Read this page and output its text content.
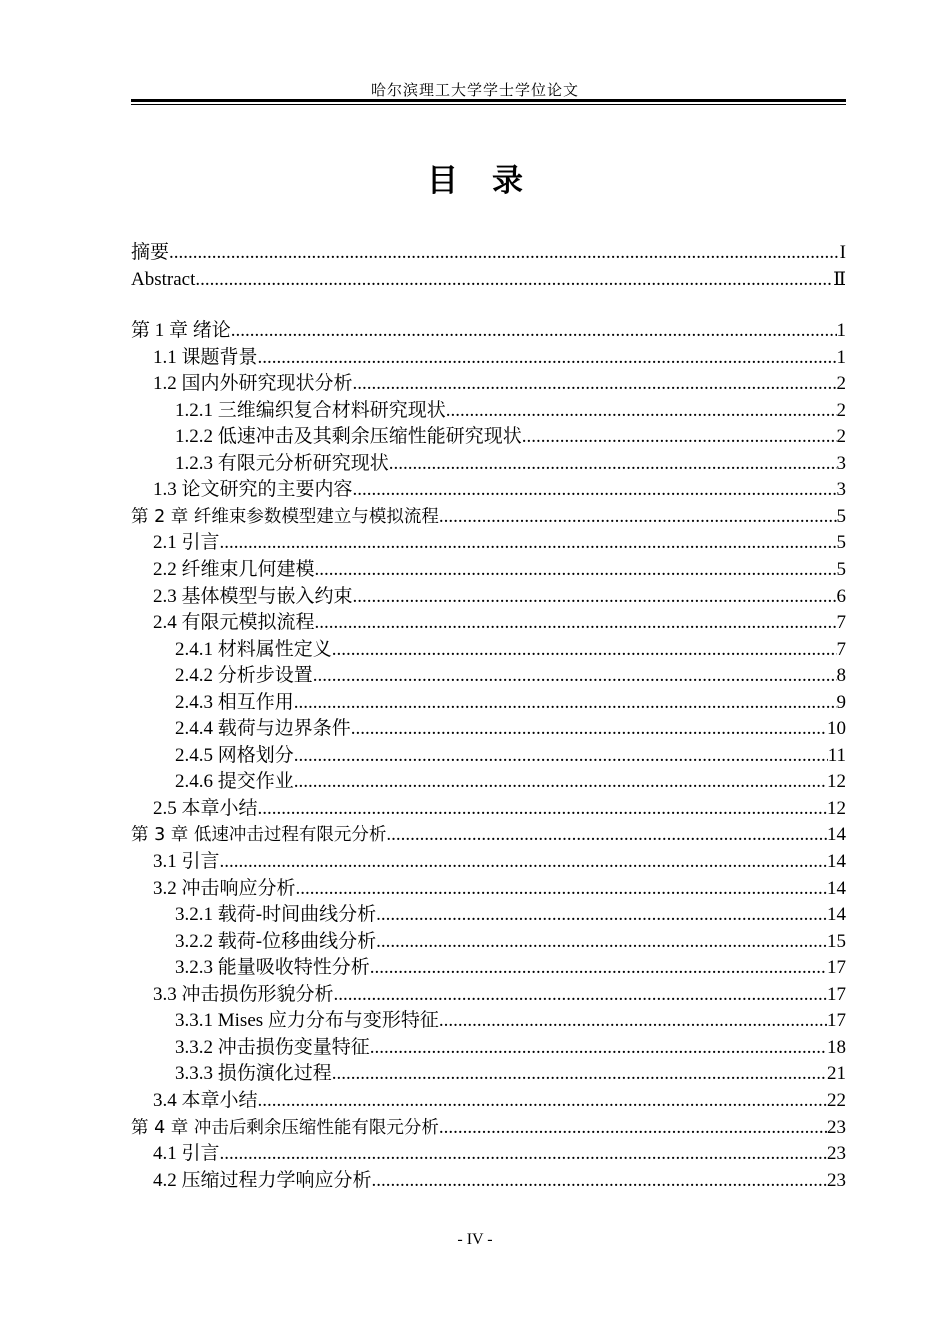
哈尔滨理工大学学士学位论文
目 录
摘要 .....	I
Abstract .....	Ⅱ
第 1 章 绪论 .....	1
1.1 课题背景 .....	1
1.2 国内外研究现状分析 .....	2
1.2.1 三维编织复合材料研究现状 .....	2
1.2.2 低速冲击及其剩余压缩性能研究现状 .....	2
1.2.3 有限元分析研究现状 .....	3
1.3 论文研究的主要内容 .....	3
第 2 章 纤维束参数模型建立与模拟流程 .....	5
2.1 引言 .....	5
2.2 纤维束几何建模 .....	5
2.3 基体模型与嵌入约束 .....	6
2.4 有限元模拟流程 .....	7
2.4.1 材料属性定义 .....	7
2.4.2 分析步设置 .....	8
2.4.3 相互作用 .....	9
2.4.4 载荷与边界条件 .....	10
2.4.5 网格划分 .....	11
2.4.6 提交作业 .....	12
2.5 本章小结 .....	12
第 3 章 低速冲击过程有限元分析 .....	14
3.1 引言 .....	14
3.2 冲击响应分析 .....	14
3.2.1 载荷-时间曲线分析 .....	14
3.2.2 载荷-位移曲线分析 .....	15
3.2.3 能量吸收特性分析 .....	17
3.3 冲击损伤形貌分析 .....	17
3.3.1 Mises 应力分布与变形特征 .....	17
3.3.2 冲击损伤变量特征 .....	18
3.3.3 损伤演化过程 .....	21
3.4 本章小结 .....	22
第 4 章 冲击后剩余压缩性能有限元分析 .....	23
4.1 引言 .....	23
4.2 压缩过程力学响应分析 .....	23
- IV -
